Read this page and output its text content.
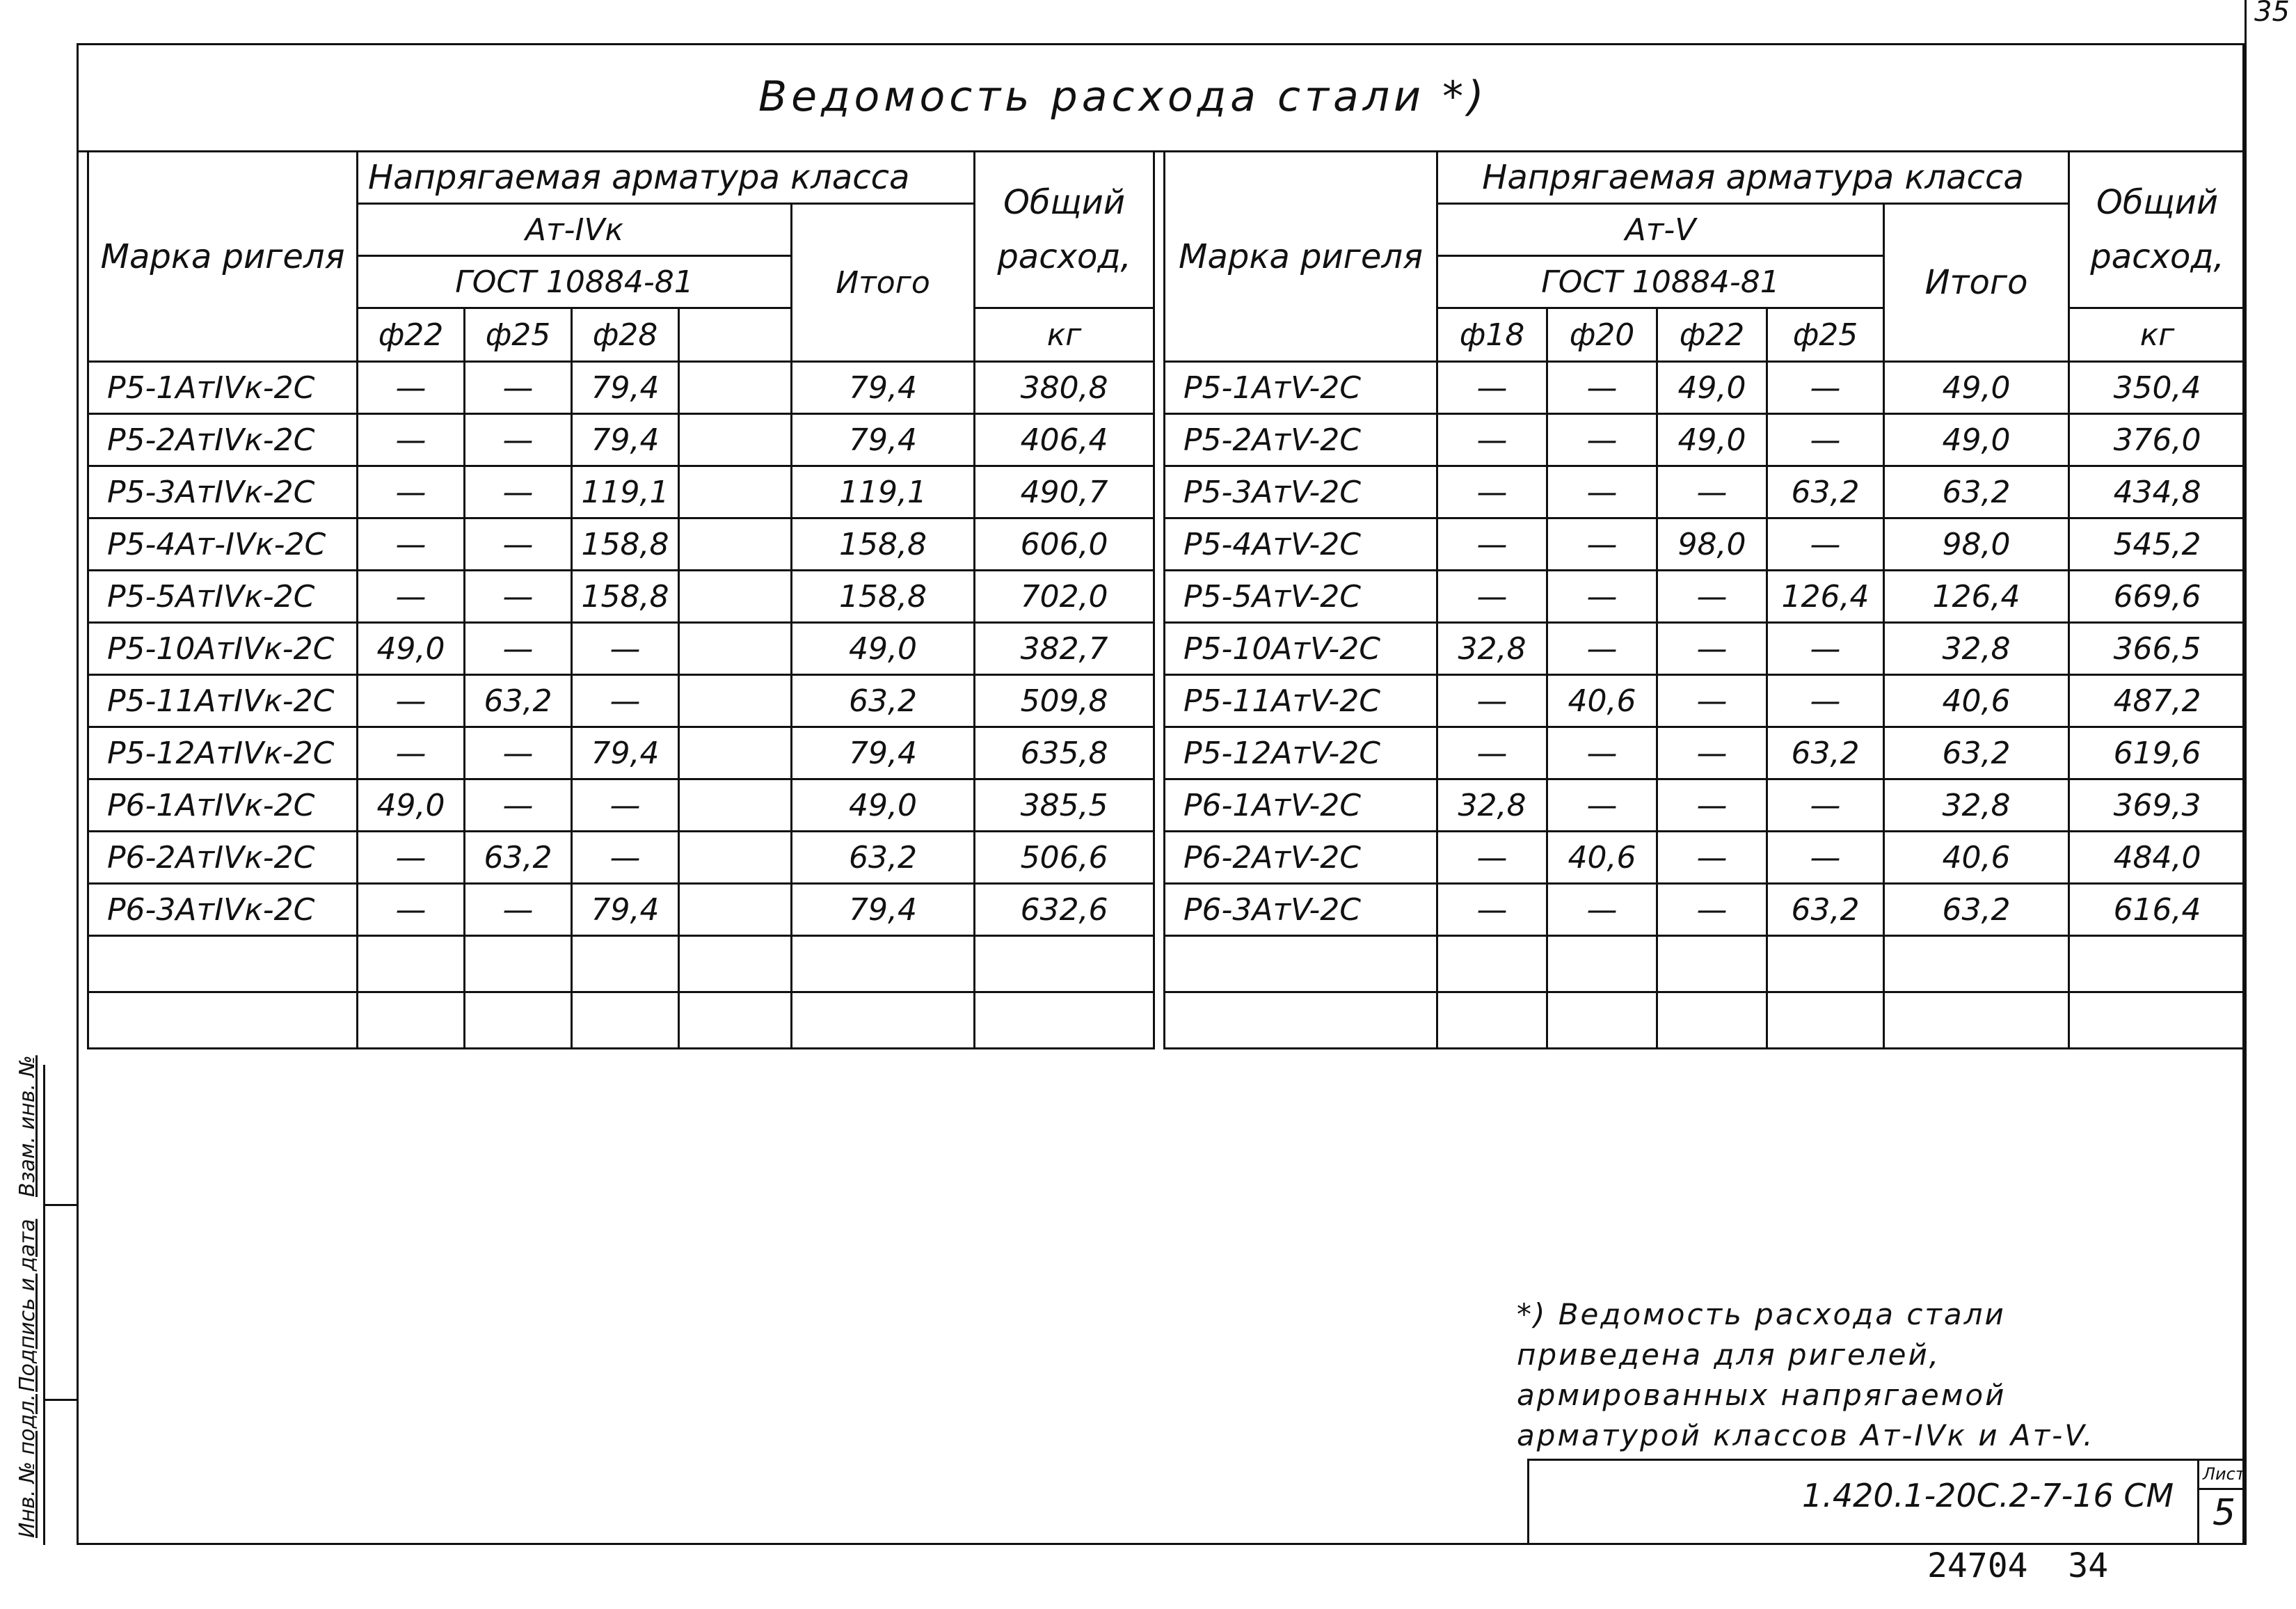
35
Ведомость расхода стали *)
Марка ригеля	Напрягаемая арматура класса					Общий расход,
	Ат-IVк				Итого	
	ГОСТ 10884-81					
	ф22	ф25	ф28			кг
Р5-1АтIVк-2С	—	—	79,4		79,4	380,8
Р5-2АтIVк-2С	—	—	79,4		79,4	406,4
Р5-3АтIVк-2С	—	—	119,1		119,1	490,7
Р5-4Ат-IVк-2С	—	—	158,8		158,8	606,0
Р5-5АтIVк-2С	—	—	158,8		158,8	702,0
Р5-10АтIVк-2С	49,0	—	—		49,0	382,7
Р5-11АтIVк-2С	—	63,2	—		63,2	509,8
Р5-12АтIVк-2С	—	—	79,4		79,4	635,8
Р6-1АтIVк-2С	49,0	—	—		49,0	385,5
Р6-2АтIVк-2С	—	63,2	—		63,2	506,6
Р6-3АтIVк-2С	—	—	79,4		79,4	632,6

Марка ригеля	Напрягаемая арматура класса					Общий расход,
	Ат-V				Итого	
	ГОСТ 10884-81					
	ф18	ф20	ф22	ф25		кг
Р5-1АтV-2С	—	—	49,0	—	49,0	350,4
Р5-2АтV-2С	—	—	49,0	—	49,0	376,0
Р5-3АтV-2С	—	—	—	63,2	63,2	434,8
Р5-4АтV-2С	—	—	98,0	—	98,0	545,2
Р5-5АтV-2С	—	—	—	126,4	126,4	669,6
Р5-10АтV-2С	32,8	—	—	—	32,8	366,5
Р5-11АтV-2С	—	40,6	—	—	40,6	487,2
Р5-12АтV-2С	—	—	—	63,2	63,2	619,6
Р6-1АтV-2С	32,8	—	—	—	32,8	369,3
Р6-2АтV-2С	—	40,6	—	—	40,6	484,0
Р6-3АтV-2С	—	—	—	63,2	63,2	616,4

Инв. № подл.
Подпись и дата
Взам. инв. №
*) Ведомость расхода стали приведена для ригелей, армированных напрягаемой арматурой классов Ат-IVк и Ат-V.
1.420.1-20С.2-7-16 СМ
Лист
5
24704  34
